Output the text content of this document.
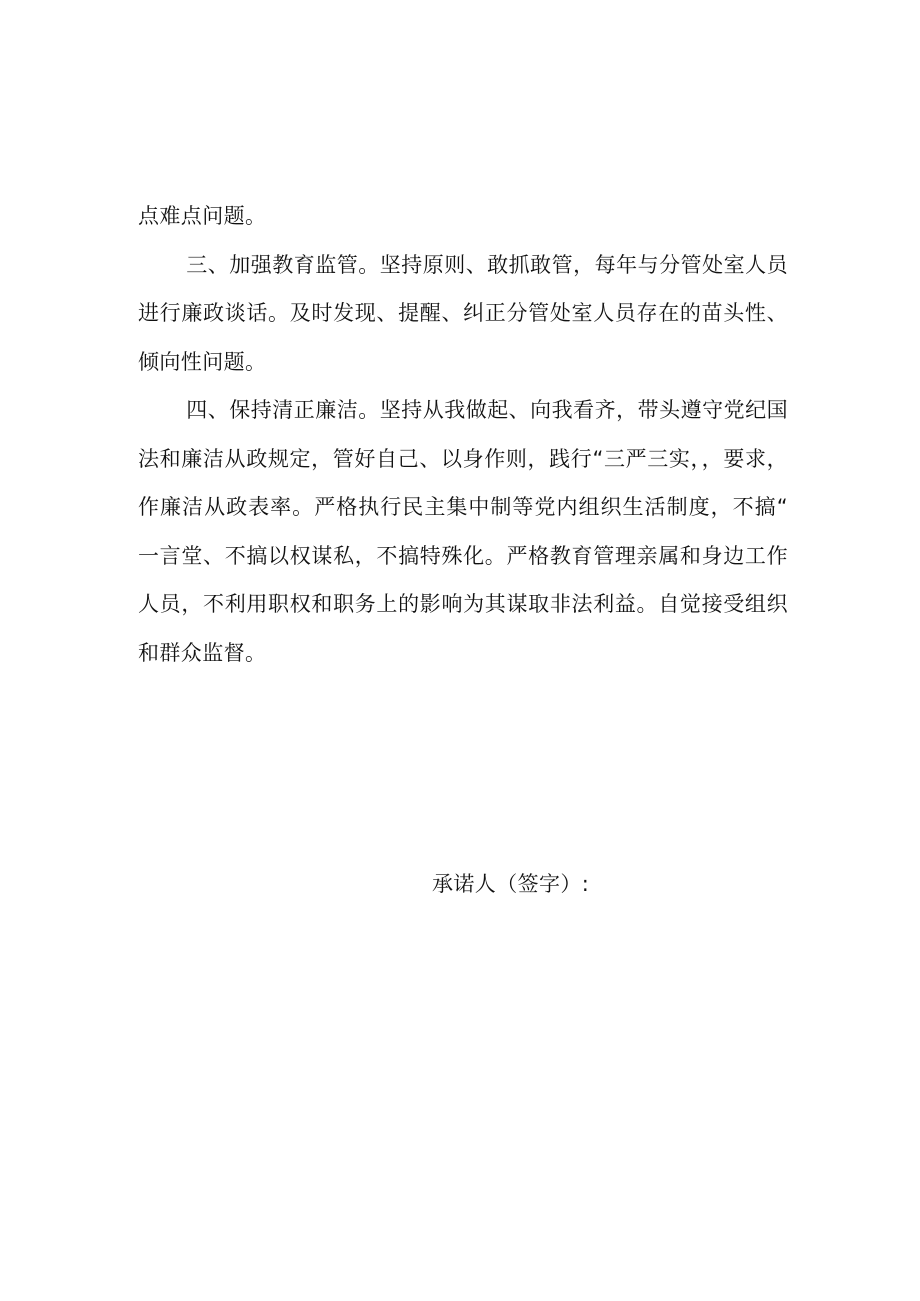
点难点问题。

三、加强教育监管。坚持原则、敢抓敢管，每年与分管处室人员进行廉政谈话。及时发现、提醒、纠正分管处室人员存在的苗头性、倾向性问题。

四、保持清正廉洁。坚持从我做起、向我看齐，带头遵守党纪国法和廉洁从政规定，管好自己、以身作则，践行“三严三实，，要求，作廉洁从政表率。严格执行民主集中制等党内组织生活制度，不搞“一言堂、不搞以权谋私，不搞特殊化。严格教育管理亲属和身边工作人员，不利用职权和职务上的影响为其谋取非法利益。自觉接受组织和群众监督。

承诺人（签字）:
